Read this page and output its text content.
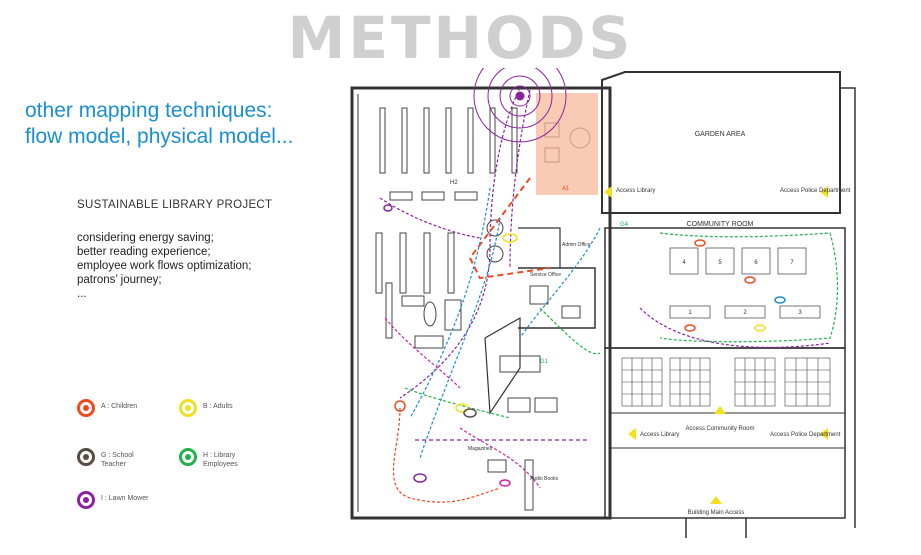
METHODS
other mapping techniques:
flow model, physical model...
SUSTAINABLE LIBRARY PROJECT
considering energy saving;
better reading experience;
employee work flows optimization;
patrons’ journey;
...
A : Children	B : Adults
G : School Teacher
H : Library Employees
I : Lawn Mower
4	5	6	7
1	2	3
GARDEN AREA
COMMUNITY ROOM
Access Library	Access Police Department
Access Library
Access Community Room
Access Police Department
Building Main Access
Admin Office
Service Office
Magazines
Audio Books
G1
G4
H2
A1
